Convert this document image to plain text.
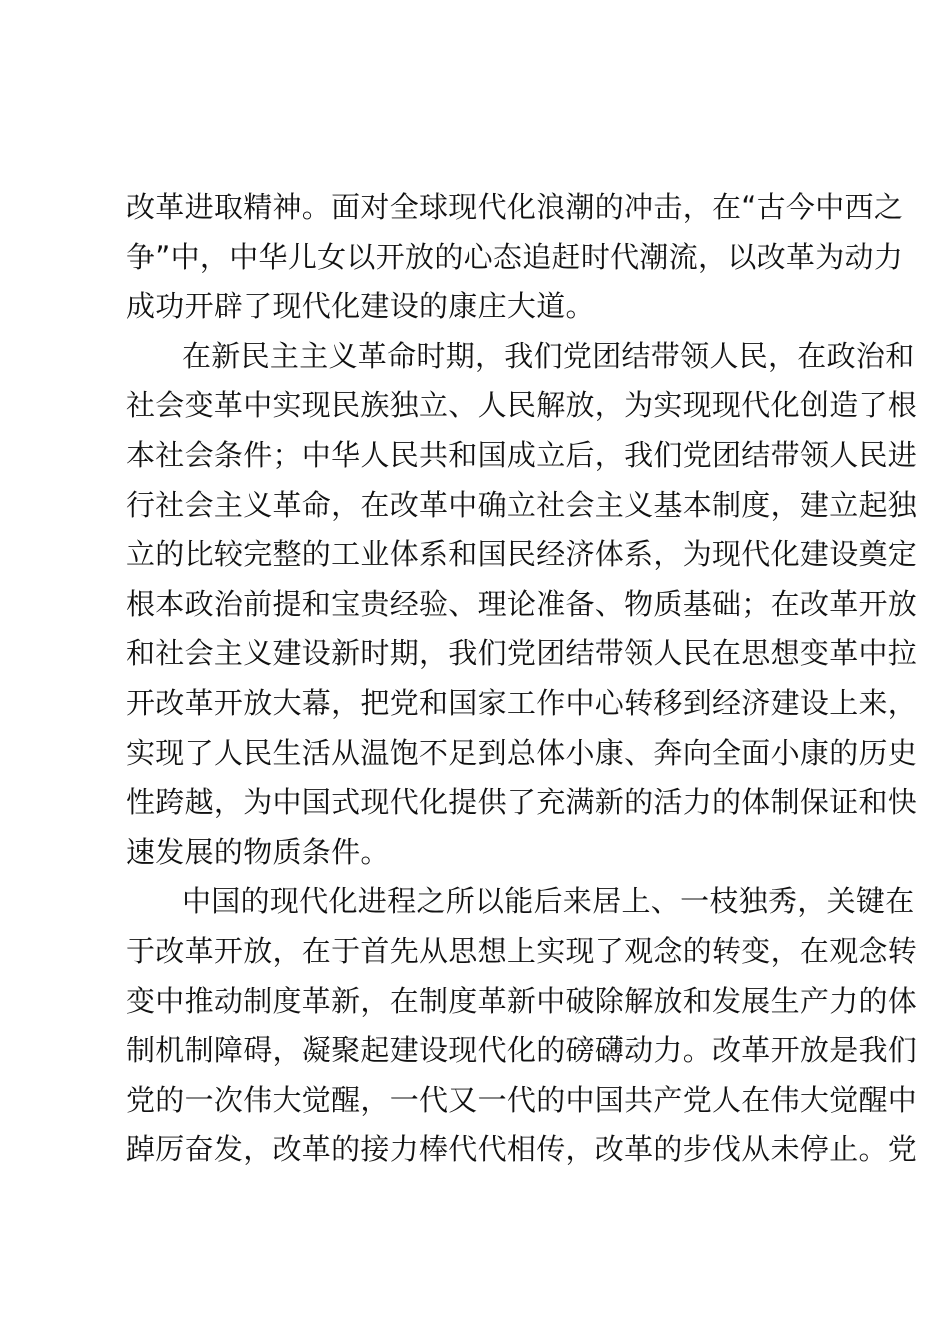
改革进取精神。面对全球现代化浪潮的冲击，在“古今中西之
争”中，中华儿女以开放的心态追赶时代潮流，以改革为动力
成功开辟了现代化建设的康庄大道。
在新民主主义革命时期，我们党团结带领人民，在政治和
社会变革中实现民族独立、人民解放，为实现现代化创造了根
本社会条件；中华人民共和国成立后，我们党团结带领人民进
行社会主义革命，在改革中确立社会主义基本制度，建立起独
立的比较完整的工业体系和国民经济体系，为现代化建设奠定
根本政治前提和宝贵经验、理论准备、物质基础；在改革开放
和社会主义建设新时期，我们党团结带领人民在思想变革中拉
开改革开放大幕，把党和国家工作中心转移到经济建设上来，
实现了人民生活从温饱不足到总体小康、奔向全面小康的历史
性跨越，为中国式现代化提供了充满新的活力的体制保证和快
速发展的物质条件。
中国的现代化进程之所以能后来居上、一枝独秀，关键在
于改革开放，在于首先从思想上实现了观念的转变，在观念转
变中推动制度革新，在制度革新中破除解放和发展生产力的体
制机制障碍，凝聚起建设现代化的磅礴动力。改革开放是我们
党的一次伟大觉醒，一代又一代的中国共产党人在伟大觉醒中
踔厉奋发，改革的接力棒代代相传，改革的步伐从未停止。党
